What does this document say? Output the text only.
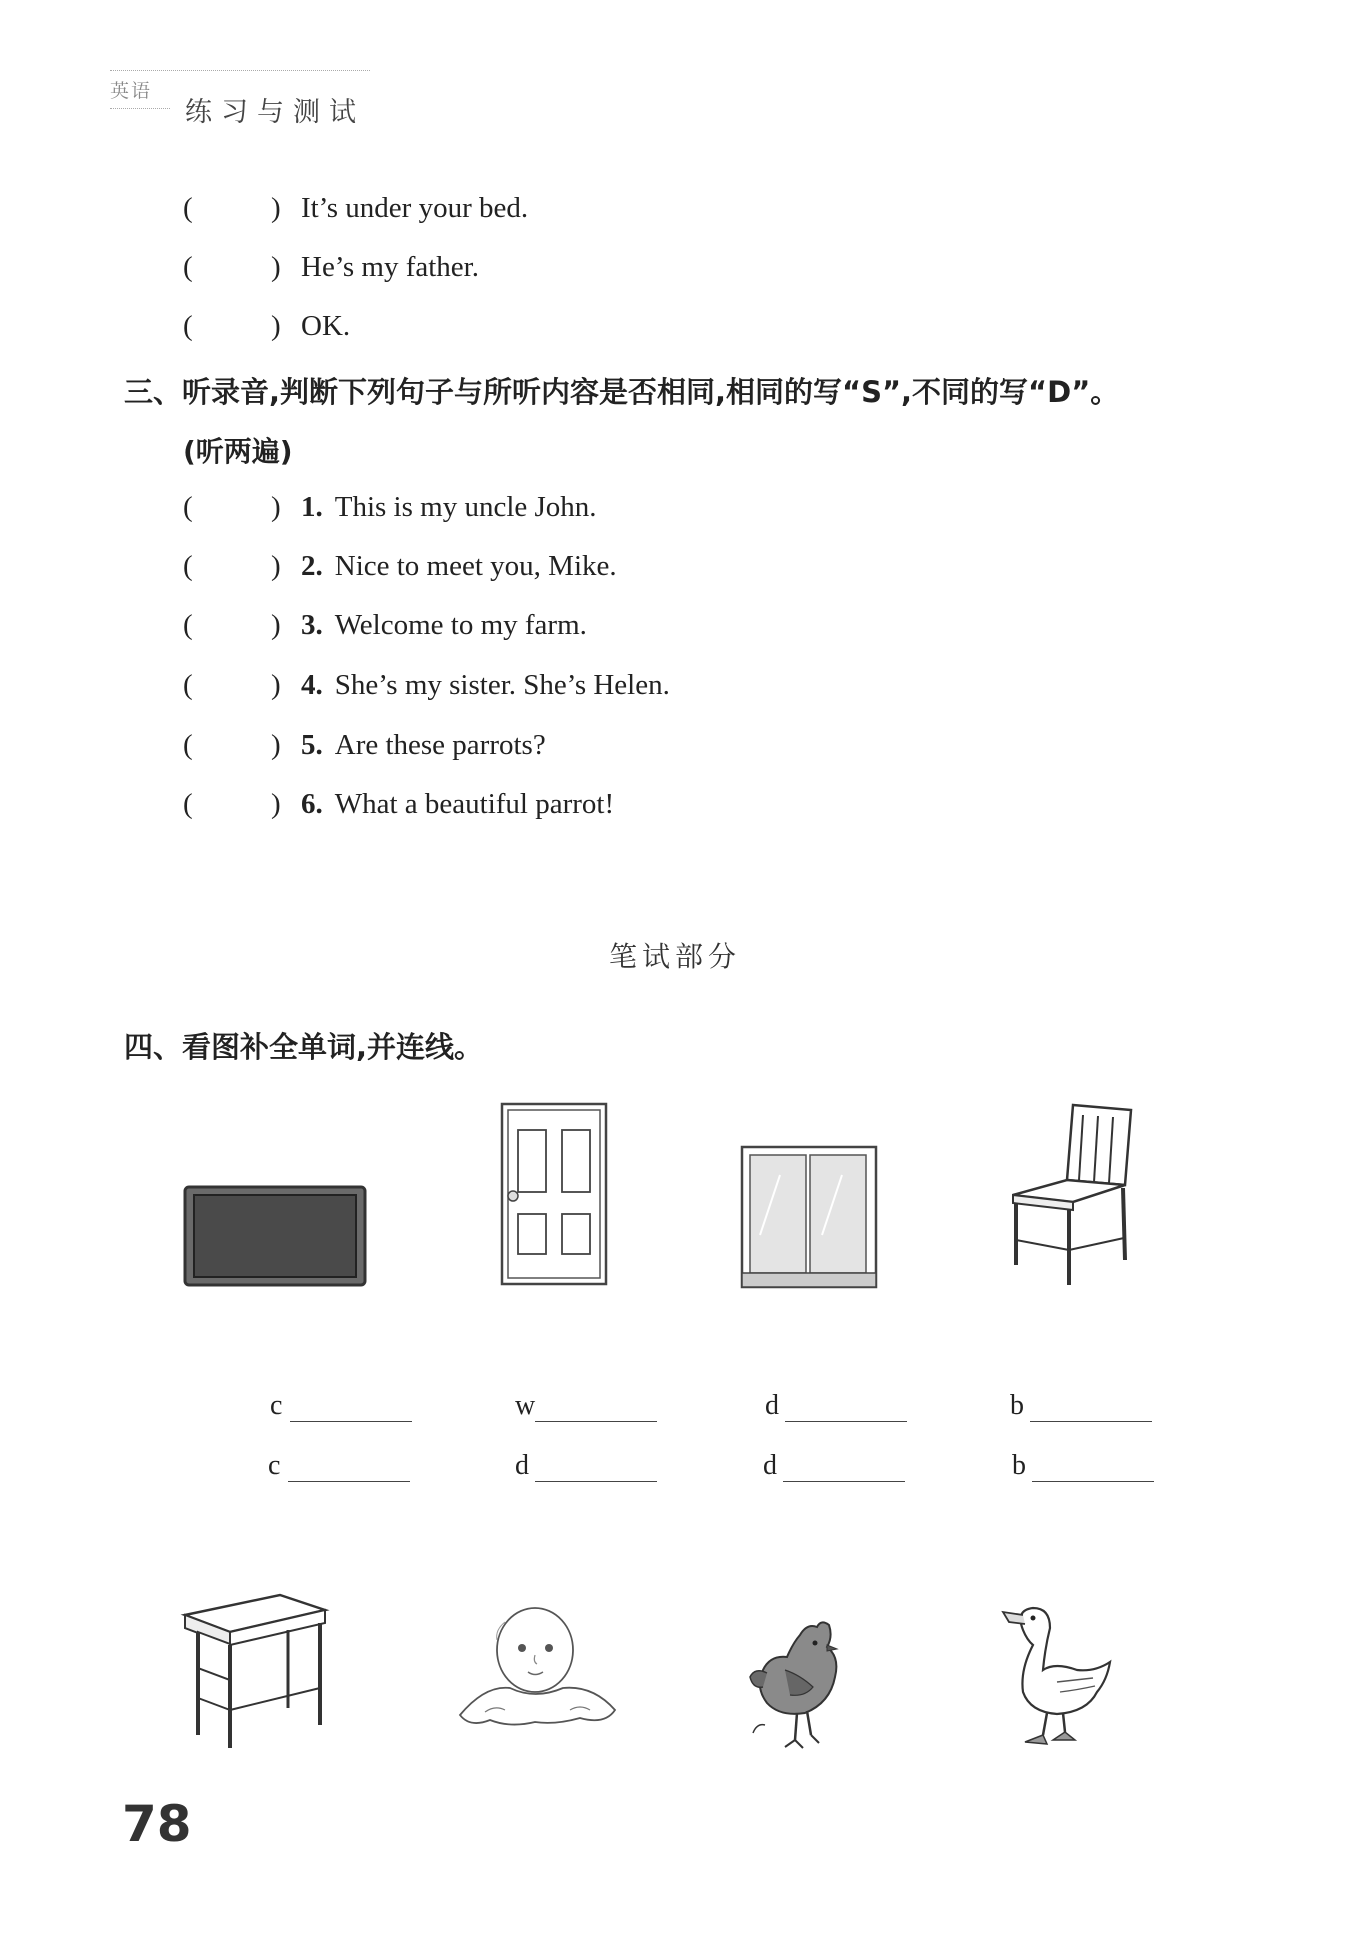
英语
练习与测试
(	) It’s under your bed.
(	) He’s my father.
(	) OK.
三、听录音,判断下列句子与所听内容是否相同,相同的写“S”,不同的写“D”。
(听两遍)
(	) 1. This is my uncle John.
(	) 2. Nice to meet you, Mike.
(	) 3. Welcome to my farm.
(	) 4. She’s my sister. She’s Helen.
(	) 5. Are these parrots?
(	) 6. What a beautiful parrot!
笔试部分
四、看图补全单词,并连线。
c	w	d	b
c	d	d	b
78
